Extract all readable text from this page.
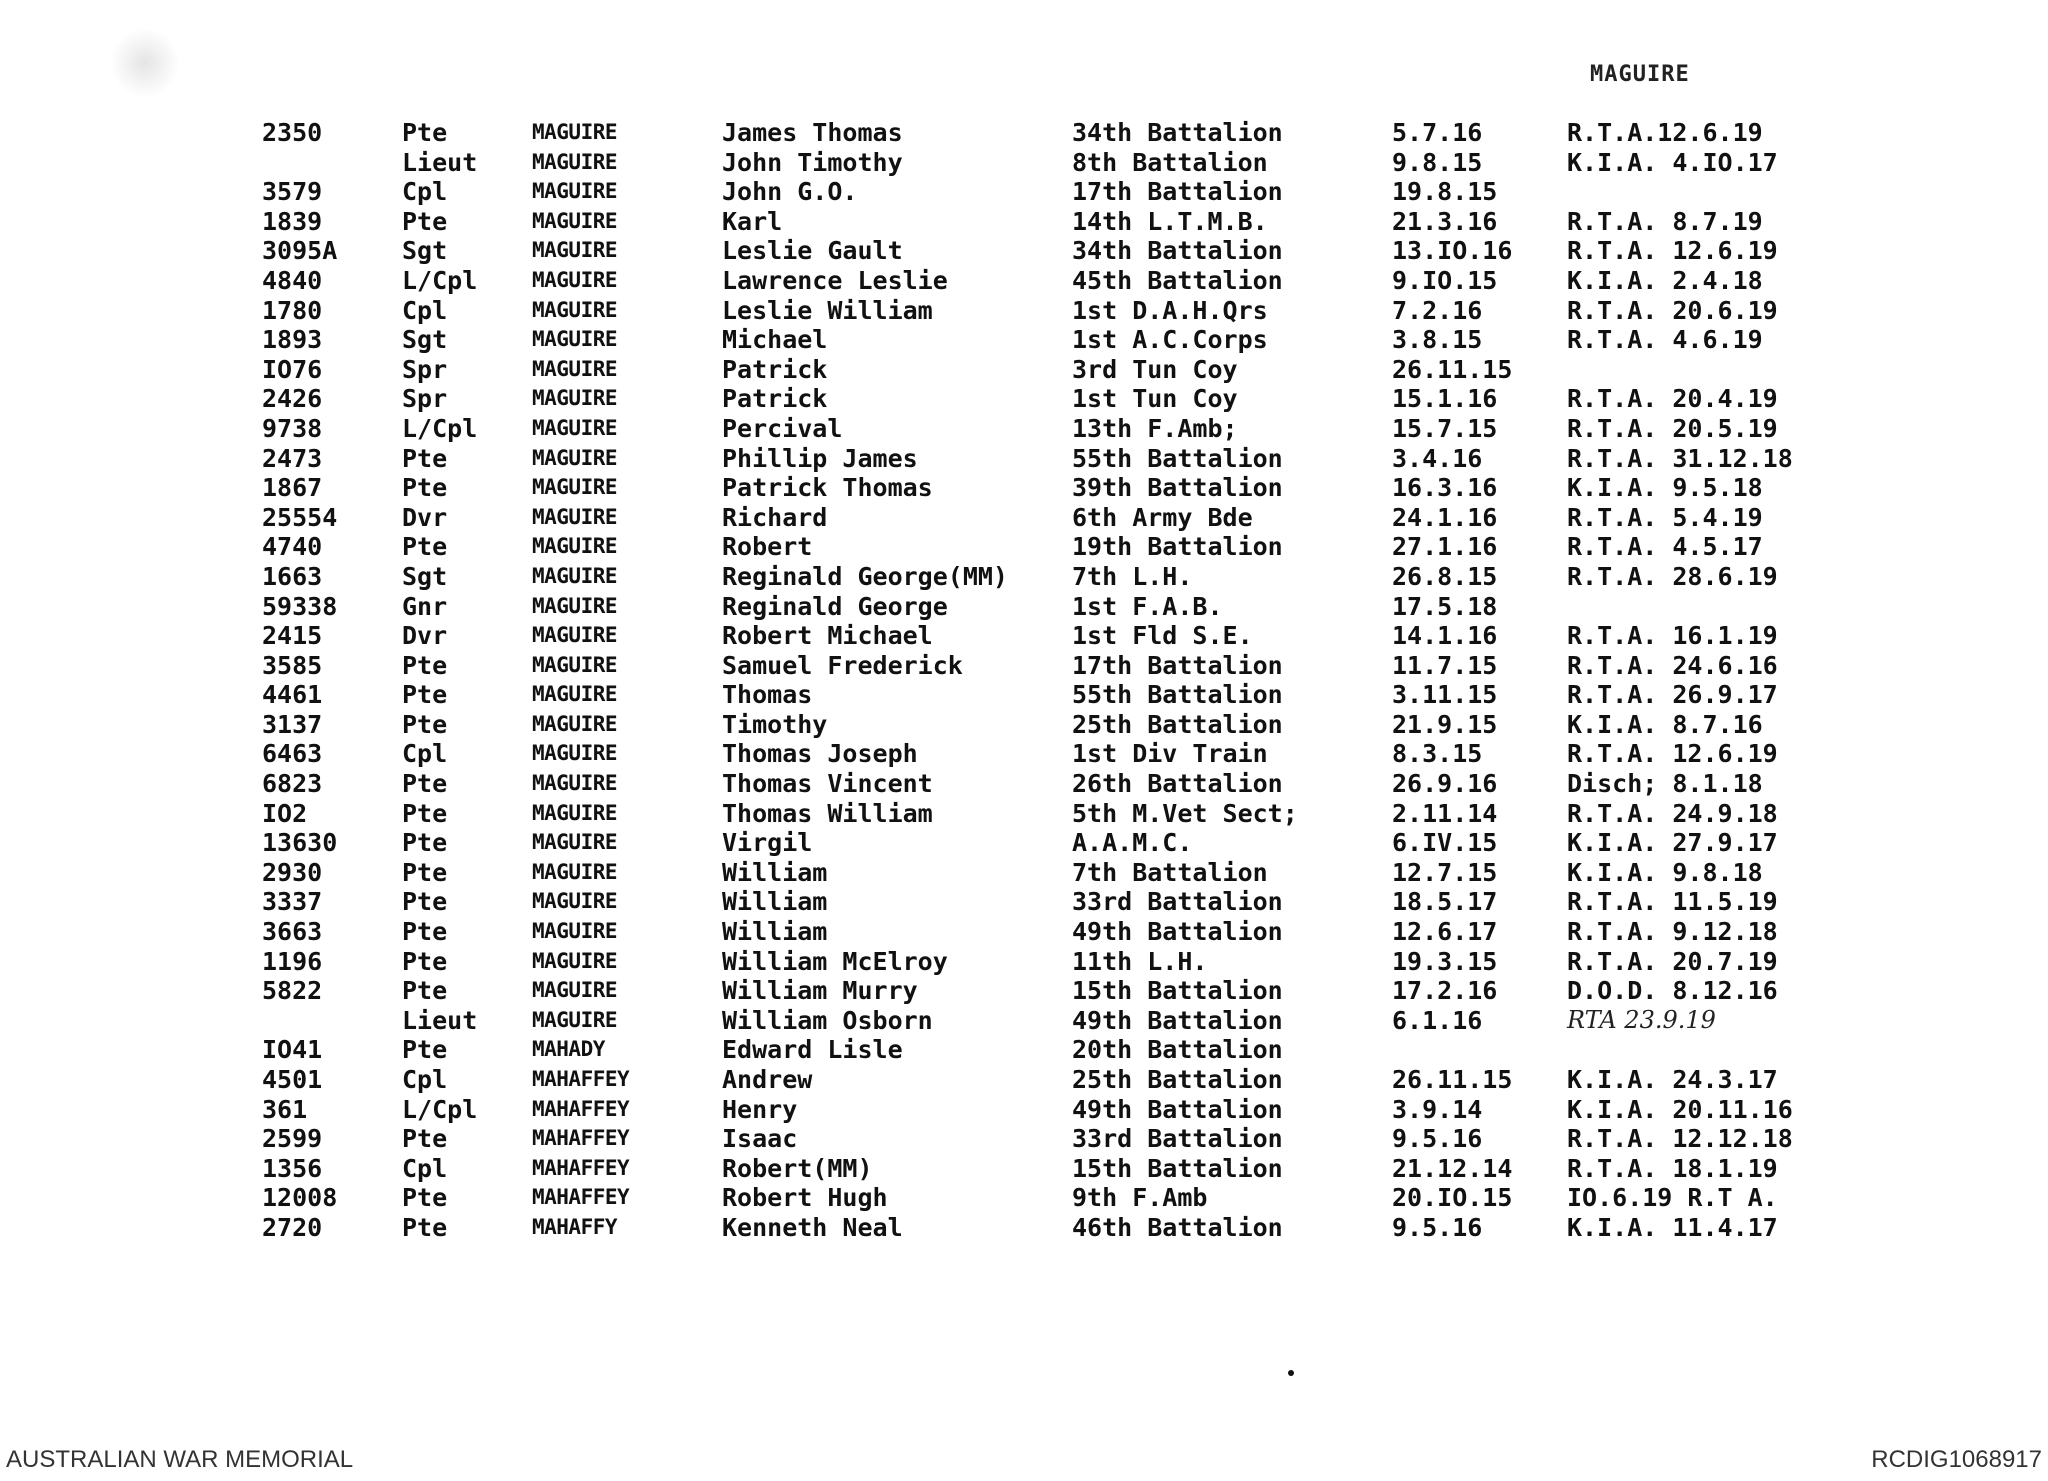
MAGUIRE
2350	Pte	MAGUIRE	James Thomas	34th Battalion	5.7.16	R.T.A.12.6.19
Lieut	MAGUIRE	John Timothy	8th Battalion	9.8.15	K.I.A. 4.IO.17
3579	Cpl	MAGUIRE	John G.O.	17th Battalion	19.8.15
1839	Pte	MAGUIRE	Karl	14th L.T.M.B.	21.3.16	R.T.A. 8.7.19
3095A	Sgt	MAGUIRE	Leslie Gault	34th Battalion	13.IO.16 R.T.A. 12.6.19
4840	L/Cpl	MAGUIRE	Lawrence Leslie	45th Battalion	9.IO.15	K.I.A. 2.4.18
1780	Cpl	MAGUIRE	Leslie William	1st D.A.H.Qrs	7.2.16	R.T.A. 20.6.19
1893	Sgt	MAGUIRE	Michael	1st A.C.Corps	3.8.15	R.T.A. 4.6.19
IO76	Spr	MAGUIRE	Patrick	3rd Tun Coy	26.11.15
2426	Spr	MAGUIRE	Patrick	1st Tun Coy	15.1.16	R.T.A. 20.4.19
9738	L/Cpl	MAGUIRE	Percival	13th F.Amb;	15.7.15	R.T.A. 20.5.19
2473	Pte	MAGUIRE	Phillip James	55th Battalion	3.4.16	R.T.A. 31.12.18
1867	Pte	MAGUIRE	Patrick Thomas	39th Battalion	16.3.16	K.I.A. 9.5.18
25554	Dvr	MAGUIRE	Richard	6th Army Bde	24.1.16	R.T.A. 5.4.19
4740	Pte	MAGUIRE	Robert	19th Battalion	27.1.16	R.T.A. 4.5.17
1663	Sgt	MAGUIRE	Reginald George(MM)	7th L.H.	26.8.15	R.T.A. 28.6.19
59338	Gnr	MAGUIRE	Reginald George	1st F.A.B.	17.5.18
2415	Dvr	MAGUIRE	Robert Michael	1st Fld S.E.	14.1.16	R.T.A. 16.1.19
3585	Pte	MAGUIRE	Samuel Frederick	17th Battalion	11.7.15	R.T.A. 24.6.16
4461	Pte	MAGUIRE	Thomas	55th Battalion	3.11.15	R.T.A. 26.9.17
3137	Pte	MAGUIRE	Timothy	25th Battalion	21.9.15	K.I.A. 8.7.16
6463	Cpl	MAGUIRE	Thomas Joseph	1st Div Train	8.3.15	R.T.A. 12.6.19
6823	Pte	MAGUIRE	Thomas Vincent	26th Battalion	26.9.16	Disch; 8.1.18
IO2	Pte	MAGUIRE	Thomas William	5th M.Vet Sect;	2.11.14	R.T.A. 24.9.18
13630	Pte	MAGUIRE	Virgil	A.A.M.C.	6.IV.15	K.I.A. 27.9.17
2930	Pte	MAGUIRE	William	7th Battalion	12.7.15	K.I.A. 9.8.18
3337	Pte	MAGUIRE	William	33rd Battalion	18.5.17	R.T.A. 11.5.19
3663	Pte	MAGUIRE	William	49th Battalion	12.6.17	R.T.A. 9.12.18
1196	Pte	MAGUIRE	William McElroy	11th L.H.	19.3.15	R.T.A. 20.7.19
5822	Pte	MAGUIRE	William Murry	15th Battalion	17.2.16	D.O.D. 8.12.16
Lieut	MAGUIRE	William Osborn	49th Battalion	6.1.16	RTA 23.9.19
IO41	Pte	MAHADY	Edward Lisle	20th Battalion
4501	Cpl	MAHAFFEY	Andrew	25th Battalion	26.11.15 K.I.A. 24.3.17
361	L/Cpl	MAHAFFEY	Henry	49th Battalion	3.9.14	K.I.A. 20.11.16
2599	Pte	MAHAFFEY	Isaac	33rd Battalion	9.5.16	R.T.A. 12.12.18
1356	Cpl	MAHAFFEY	Robert(MM)	15th Battalion	21.12.14 R.T.A. 18.1.19
12008	Pte	MAHAFFEY	Robert Hugh	9th F.Amb	20.IO.15 IO.6.19 R.T A.
2720	Pte	MAHAFFY	Kenneth Neal	46th Battalion	9.5.16	K.I.A. 11.4.17
AUSTRALIAN WAR MEMORIAL	RCDIG1068917
